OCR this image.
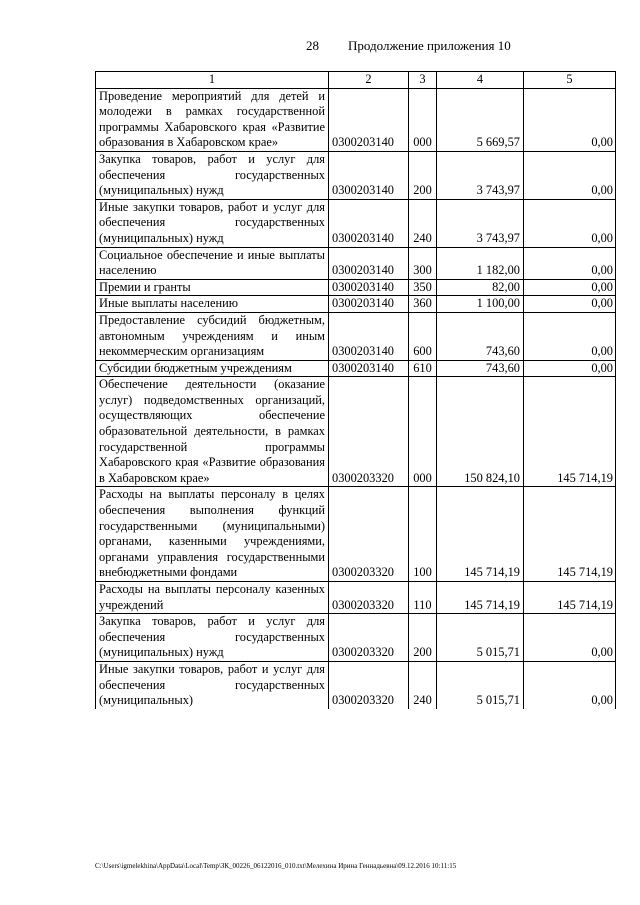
28 Продолжение приложения 10
1	2	3	4	5
Проведение мероприятий для детей и молодежи в рамках государственной программы Хабаровского края «Развитие образования в Хабаровском крае»	0300203140	000	5 669,57	0,00
Закупка товаров, работ и услуг для обеспечения государственных (муниципальных) нужд	0300203140	200	3 743,97	0,00
Иные закупки товаров, работ и услуг для обеспечения государственных (муниципальных) нужд	0300203140	240	3 743,97	0,00
Социальное обеспечение и иные выплаты населению	0300203140	300	1 182,00	0,00
Премии и гранты	0300203140	350	82,00	0,00
Иные выплаты населению	0300203140	360	1 100,00	0,00
Предоставление субсидий бюджетным, автономным учреждениям и иным некоммерческим организациям	0300203140	600	743,60	0,00
Субсидии бюджетным учреждениям	0300203140	610	743,60	0,00
Обеспечение деятельности (оказание услуг) подведомственных организаций, осуществляющих обеспечение образовательной деятельности, в рамках государственной программы Хабаровского края «Развитие образования в Хабаровском крае»	0300203320	000	150 824,10	145 714,19
Расходы на выплаты персоналу в целях обеспечения выполнения функций государственными (муниципальными) органами, казенными учреждениями, органами управления государственными внебюджетными фондами	0300203320	100	145 714,19	145 714,19
Расходы на выплаты персоналу казенных учреждений	0300203320	110	145 714,19	145 714,19
Закупка товаров, работ и услуг для обеспечения государственных (муниципальных) нужд	0300203320	200	5 015,71	0,00
Иные закупки товаров, работ и услуг для обеспечения государственных (муниципальных)	0300203320	240	5 015,71	0,00
C:\Users\igmelekhina\AppData\Local\Temp\ЗК_00226_06122016_010.txt\Мелехина Ирина Геннадьевна\09.12.2016 10:11:15
